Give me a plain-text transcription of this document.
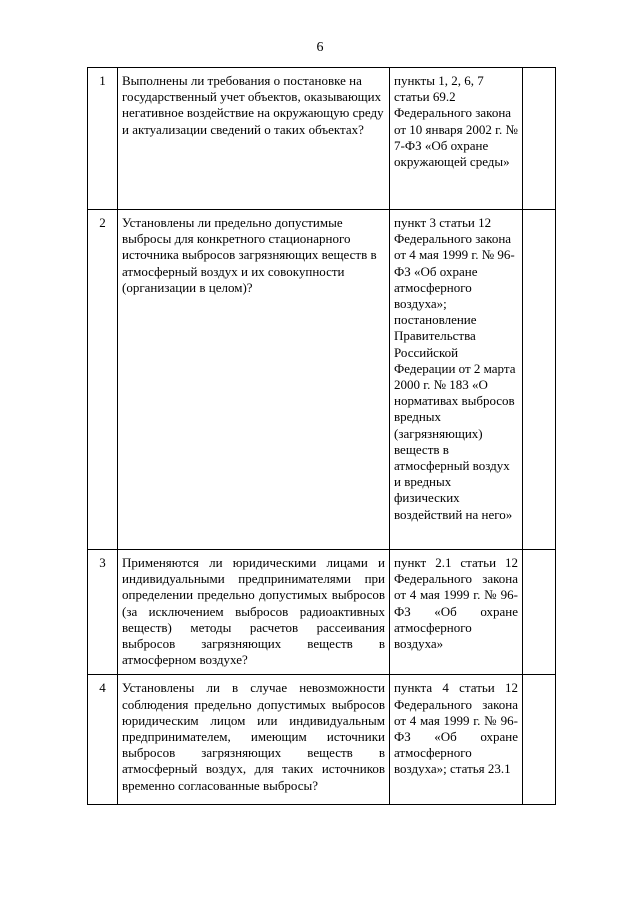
6
1	Выполнены ли требования о постановке на государственный учет объектов, оказывающих негативное воздействие на окружающую среду и актуализации сведений о таких объектах?	пункты 1, 2, 6, 7 статьи 69.2 Федерального закона от 10 января 2002 г. № 7-ФЗ «Об охране окружающей среды»	
2	Установлены ли предельно допустимые выбросы для конкретного стационарного источника выбросов загрязняющих веществ в атмосферный воздух и их совокупности (организации в целом)?	пункт 3 статьи 12 Федерального закона от 4 мая 1999 г. № 96-ФЗ «Об охране атмосферного воздуха»; постановление Правительства Российской Федерации от 2 марта 2000 г. № 183 «О нормативах выбросов вредных (загрязняющих) веществ в атмосферный воздух и вредных физических воздействий на него»	
3	Применяются ли юридическими лицами и индивидуальными предпринимателями при определении предельно допустимых выбросов (за исключением выбросов радиоактивных веществ) методы расчетов рассеивания выбросов загрязняющих веществ в атмосферном воздухе?	пункт 2.1 статьи 12 Федерального закона от 4 мая 1999 г. № 96-ФЗ «Об охране атмосферного воздуха»	
4	Установлены ли в случае невозможности соблюдения предельно допустимых выбросов юридическим лицом или индивидуальным предпринимателем, имеющим источники выбросов загрязняющих веществ в атмосферный воздух, для таких источников временно согласованные выбросы?	пункта 4 статьи 12 Федерального закона от 4 мая 1999 г. № 96-ФЗ «Об охране атмосферного воздуха»; статья 23.1	
